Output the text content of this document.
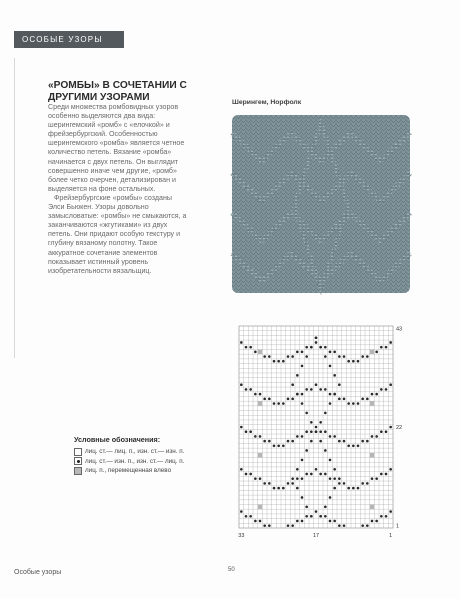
ОСОБЫЕ УЗОРЫ
«РОМБЫ» В СОЧЕТАНИИ С ДРУГИМИ УЗОРАМИ

Среди множества ромбовидных узоров особенно выделяются два вида: шерингемский «ромб» с «елочкой» и фрейзербургский. Особенностью шерингемского «ромба» является четное количество петель. Вязание «ромба» начинается с двух петель. Он выглядит совершенно иначе чем другие, «ромб» более четко очерчен, детализирован и выделяется на фоне остальных.

Фрейзербургские «ромбы» созданы Элси Бьюкен. Узоры довольно замысловатые: «ромбы» не смыкаются, а заканчиваются «жгутиками» из двух петель. Они придают особую текстуру и глубину вязаному полотну. Такое аккуратное сочетание элементов показывает истинный уровень изобретательности вязальщиц.

Шерингем, Норфолк
33	17	1
43
22
1
Условные обозначения:
лиц. ст.— лиц. п., изн. ст.— изн. п.
лиц. ст.— изн. п., изн. ст.— лиц. п.
лиц. п., перемещенная влево
Особые узоры	50
